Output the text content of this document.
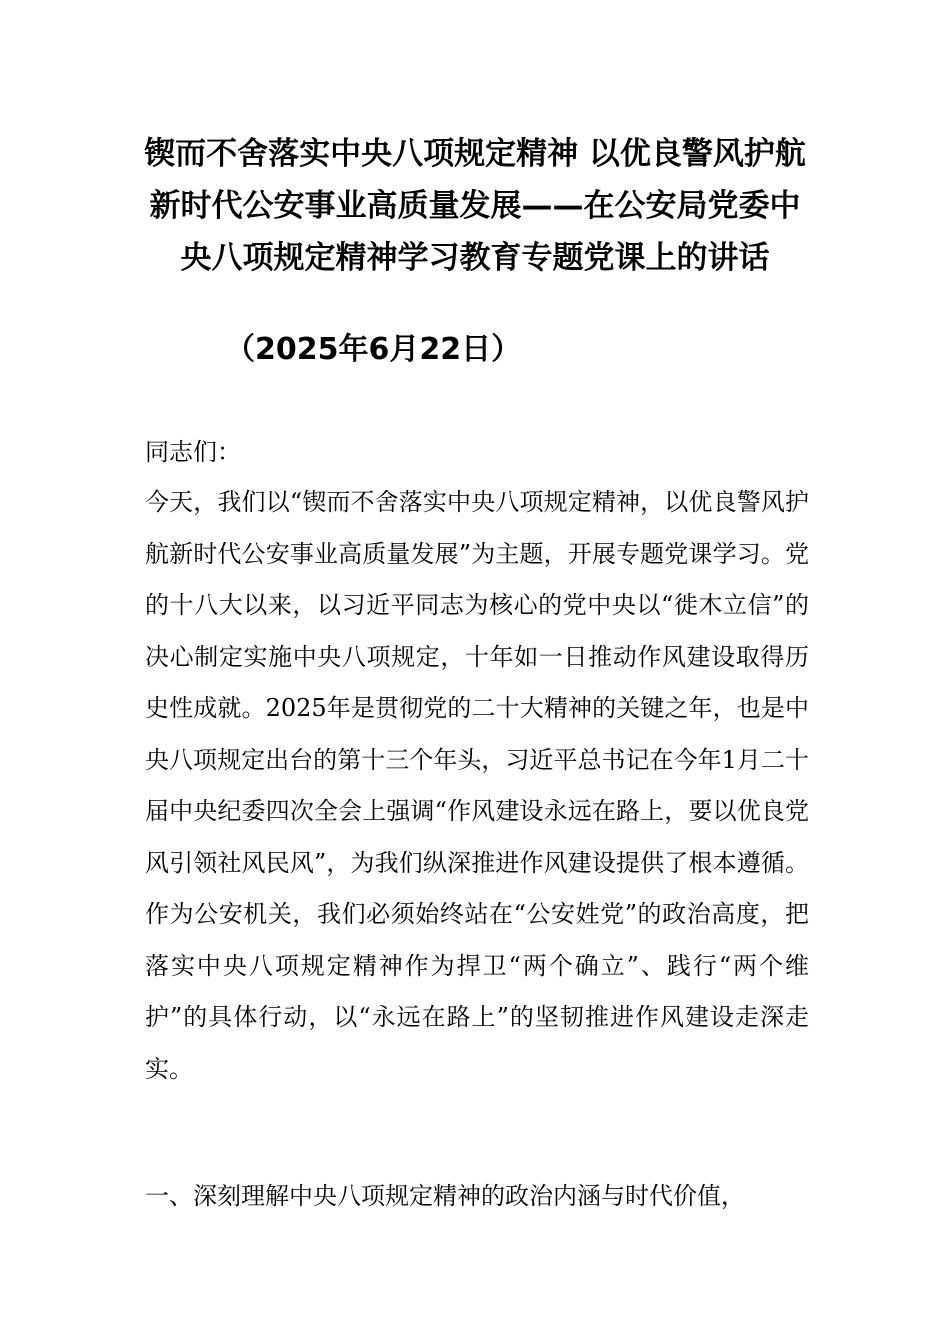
锲而不舍落实中央八项规定精神 以优良警风护航新时代公安事业高质量发展——在公安局党委中央八项规定精神学习教育专题党课上的讲话

（2025年6月22日）

同志们：

今天，我们以“锲而不舍落实中央八项规定精神，以优良警风护航新时代公安事业高质量发展”为主题，开展专题党课学习。党的十八大以来，以习近平同志为核心的党中央以“徙木立信”的决心制定实施中央八项规定，十年如一日推动作风建设取得历史性成就。2025年是贯彻党的二十大精神的关键之年，也是中央八项规定出台的第十三个年头，习近平总书记在今年1月二十届中央纪委四次全会上强调“作风建设永远在路上，要以优良党风引领社风民风”，为我们纵深推进作风建设提供了根本遵循。作为公安机关，我们必须始终站在“公安姓党”的政治高度，把落实中央八项规定精神作为捍卫“两个确立”、践行“两个维护”的具体行动，以“永远在路上”的坚韧推进作风建设走深走实。

一、深刻理解中央八项规定精神的政治内涵与时代价值，
